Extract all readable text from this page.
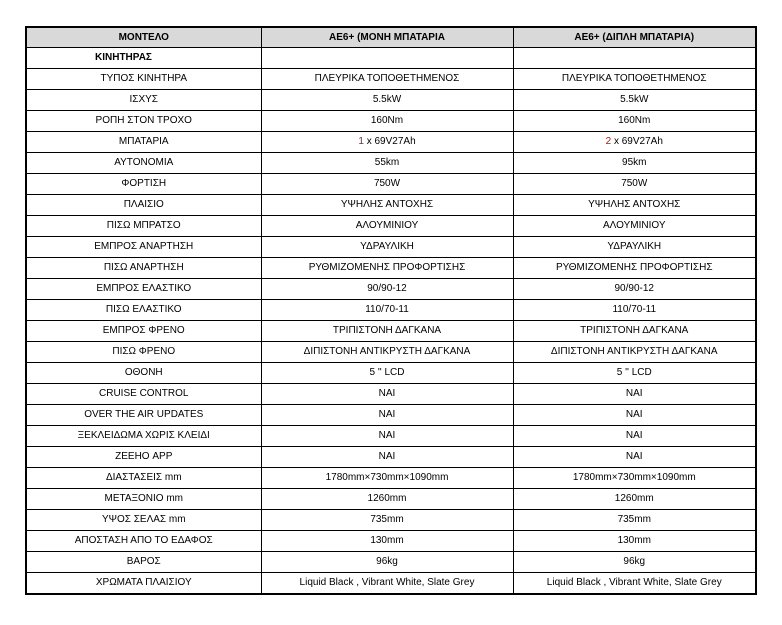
ΜΟΝΤΕΛΟ	AE6+ (ΜΟΝΗ ΜΠΑΤΑΡΙΑ	AE6+ (ΔΙΠΛΗ ΜΠΑΤΑΡΙΑ)
ΚΙΝΗΤΗΡΑΣ		
ΤΥΠΟΣ ΚΙΝΗΤΗΡΑ	ΠΛΕΥΡΙΚΑ ΤΟΠΟΘΕΤΗΜΕΝΟΣ	ΠΛΕΥΡΙΚΑ ΤΟΠΟΘΕΤΗΜΕΝΟΣ
ΙΣΧΥΣ	5.5kW	5.5kW
ΡΟΠΗ ΣΤΟΝ ΤΡΟΧΟ	160Nm	160Nm
ΜΠΑΤΑΡΙΑ	1 x 69V27Ah	2 x 69V27Ah
ΑΥΤΟΝΟΜΙΑ	55km	95km
ΦΟΡΤΙΣΗ	750W	750W
ΠΛΑΙΣΙΟ	ΥΨΗΛΗΣ ΑΝΤΟΧΗΣ	ΥΨΗΛΗΣ ΑΝΤΟΧΗΣ
ΠΙΣΩ ΜΠΡΑΤΣΟ	ΑΛΟΥΜΙΝΙΟΥ	ΑΛΟΥΜΙΝΙΟΥ
ΕΜΠΡΟΣ ΑΝΑΡΤΗΣΗ	ΥΔΡΑΥΛΙΚΗ	ΥΔΡΑΥΛΙΚΗ
ΠΙΣΩ ΑΝΑΡΤΗΣΗ	ΡΥΘΜΙΖΟΜΕΝΗΣ ΠΡΟΦΟΡΤΙΣΗΣ	ΡΥΘΜΙΖΟΜΕΝΗΣ ΠΡΟΦΟΡΤΙΣΗΣ
ΕΜΠΡΟΣ ΕΛΑΣΤΙΚΟ	90/90-12	90/90-12
ΠΙΣΩ ΕΛΑΣΤΙΚΟ	110/70-11	110/70-11
ΕΜΠΡΟΣ ΦΡΕΝΟ	ΤΡΙΠΙΣΤΟΝΗ ΔΑΓΚΑΝΑ	ΤΡΙΠΙΣΤΟΝΗ ΔΑΓΚΑΝΑ
ΠΙΣΩ ΦΡΕΝΟ	ΔΙΠΙΣΤΟΝΗ ΑΝΤΙΚΡΥΣΤΗ ΔΑΓΚΑΝΑ	ΔΙΠΙΣΤΟΝΗ ΑΝΤΙΚΡΥΣΤΗ ΔΑΓΚΑΝΑ
ΟΘΟΝΗ	5 '' LCD	5 '' LCD
CRUISE CONTROL	ΝΑΙ	ΝΑΙ
OVER THE AIR UPDATES	ΝΑΙ	ΝΑΙ
ΞΕΚΛΕΙΔΩΜΑ ΧΩΡΙΣ ΚΛΕΙΔΙ	ΝΑΙ	ΝΑΙ
ΖΕΕΗΟ APP	ΝΑΙ	ΝΑΙ
ΔΙΑΣΤΑΣΕΙΣ mm	1780mm×730mm×1090mm	1780mm×730mm×1090mm
ΜΕΤΑΞΟΝΙΟ mm	1260mm	1260mm
ΥΨΟΣ ΣΕΛΑΣ mm	735mm	735mm
ΑΠΟΣΤΑΣΗ ΑΠΟ ΤΟ ΕΔΑΦΟΣ	130mm	130mm
ΒΑΡΟΣ	96kg	96kg
ΧΡΩΜΑΤΑ ΠΛΑΙΣΙΟΥ	Liquid Black , Vibrant White, Slate Grey	Liquid Black , Vibrant White, Slate Grey
